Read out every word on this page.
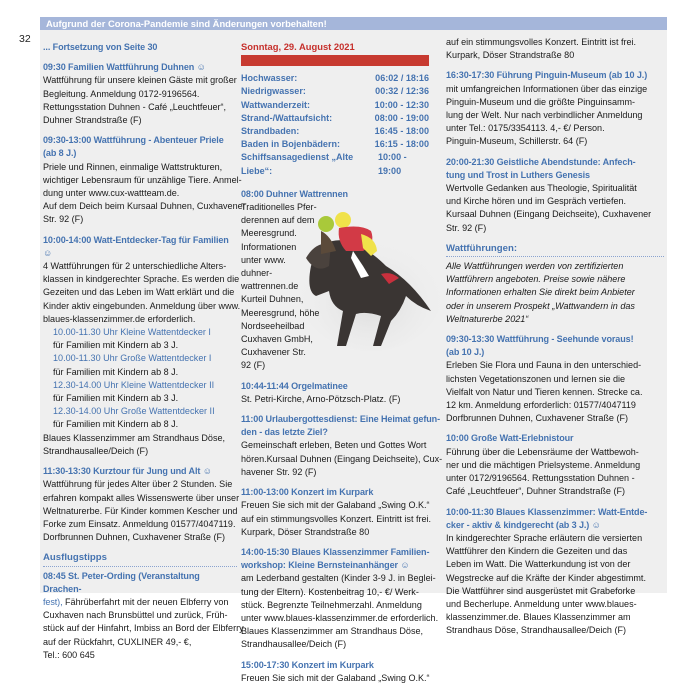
Aufgrund der Corona-Pandemie sind Änderungen vorbehalten!
32
... Fortsetzung von Seite 30
09:30 Familien Wattführung Duhnen ☺
Wattführung für unsere kleinen Gäste mit großer
Begleitung. Anmeldung 0172-9196564.
Rettungsstation Duhnen - Café „Leuchtfeuer“,
Duhner Strandstraße (F)
09:30-13:00 Wattführung - Abenteuer Priele
(ab 8 J.)
Priele und Rinnen, einmalige Wattstrukturen,
wichtiger Lebensraum für unzählige Tiere. Anmel-
dung unter www.cux-wattteam.de.
Auf dem Deich beim Kursaal Duhnen, Cuxhavener
Str. 92 (F)
10:00-14:00 Watt-Entdecker-Tag für Familien ☺
4 Wattführungen für 2 unterschiedliche Alters-
klassen in kindgerechter Sprache. Es werden die
Gezeiten und das Leben im Watt erklärt und die
Kinder aktiv eingebunden. Anmeldung über www.
blaues-klassenzimmer.de erforderlich.
10.00-11.30 Uhr Kleine Wattentdecker I
für Familien mit Kindern ab 3 J.
10.00-11.30 Uhr Große Wattentdecker I
für Familien mit Kindern ab 8 J.
12.30-14.00 Uhr Kleine Wattentdecker II
für Familien mit Kindern ab 3 J.
12.30-14.00 Uhr Große Wattentdecker II
für Familien mit Kindern ab 8 J.
Blaues Klassenzimmer am Strandhaus Döse,
Strandhausallee/Deich (F)
11:30-13:30 Kurztour für Jung und Alt ☺
Wattführung für jedes Alter über 2 Stunden. Sie
erfahren kompakt alles Wissenswerte über unser
Weltnaturerbe. Für Kinder kommen Kescher und
Forke zum Einsatz. Anmeldung 01577/4047119.
Dorfbrunnen Duhnen, Cuxhavener Straße (F)
Ausflugstipps
08:45 St. Peter-Ording (Veranstaltung Drachen-
fest), Fährüberfahrt mit der neuen Elbferry von
Cuxhaven nach Brunsbüttel und zurück, Früh-
stück auf der Hinfahrt, Imbiss an Bord der Elbferry
auf der Rückfahrt, CUXLINER 49,- €,
Tel.: 600 645
Sonntag, 29. August 2021
Hochwasser:	06:02 / 18:16
Niedrigwasser:	00:32 / 12:36
Wattwanderzeit:	10:00 - 12:30
Strand-/Wattaufsicht:	08:00 - 19:00
Strandbaden:	16:45 - 18:00
Baden in Bojenbädern:	16:15 - 18:00
Schiffsansagedienst „Alte Liebe“:
10:00 - 19:00
08:00 Duhner Wattrennen
Traditionelles Pfer-
derennen auf dem
Meeresgrund.
Informationen
unter www.
duhner-
wattrennen.de
Kurteil Duhnen,
Meeresgrund, höhe
Nordseeheilbad
Cuxhaven GmbH,
Cuxhavener Str.
92 (F)
10:44-11:44 Orgelmatinee
St. Petri-Kirche, Arno-Pötzsch-Platz. (F)
11:00 Urlaubergottesdienst: Eine Heimat gefun-
den - das letzte Ziel?
Gemeinschaft erleben, Beten und Gottes Wort
hören.Kursaal Duhnen (Eingang Deichseite), Cux-
havener Str. 92 (F)
11:00-13:00 Konzert im Kurpark
Freuen Sie sich mit der Galaband „Swing O.K.“
auf ein stimmungsvolles Konzert. Eintritt ist frei.
Kurpark, Döser Strandstraße 80
14:00-15:30 Blaues Klassenzimmer Familien-
workshop: Kleine Bernsteinanhänger ☺
am Lederband gestalten (Kinder 3-9 J. in Beglei-
tung der Eltern). Kostenbeitrag 10,- €/ Werk-
stück. Begrenzte Teilnehmerzahl. Anmeldung
unter www.blaues-klassenzimmer.de erforderlich.
Blaues Klassenzimmer am Strandhaus Döse,
Strandhausallee/Deich (F)
15:00-17:30 Konzert im Kurpark
Freuen Sie sich mit der Galaband „Swing O.K.“
auf ein stimmungsvolles Konzert. Eintritt ist frei.
Kurpark, Döser Strandstraße 80
16:30-17:30 Führung Pinguin-Museum (ab 10 J.)
mit umfangreichen Informationen über das einzige
Pinguin-Museum und die größte Pinguinsamm-
lung der Welt. Nur nach verbindlicher Anmeldung
unter Tel.: 0175/3354113. 4,- €/ Person.
Pinguin-Museum, Schillerstr. 64 (F)
20:00-21:30 Geistliche Abendstunde: Anfech-
tung und Trost in Luthers Genesis
Wertvolle Gedanken aus Theologie, Spiritualität
und Kirche hören und im Gespräch vertiefen.
Kursaal Duhnen (Eingang Deichseite), Cuxhavener
Str. 92 (F)
Wattführungen:
Alle Wattführungen werden von zertifizierten
Wattführern angeboten. Preise sowie nähere
Informationen erhalten Sie direkt beim Anbieter
oder in unserem Prospekt „Wattwandern in das
Weltnaturerbe 2021“
09:30-13:30 Wattführung - Seehunde voraus!
(ab 10 J.)
Erleben Sie Flora und Fauna in den unterschied-
lichsten Vegetationszonen und lernen sie die
Vielfalt von Natur und Tieren kennen. Strecke ca.
12 km. Anmeldung erforderlich: 01577/4047119
Dorfbrunnen Duhnen, Cuxhavener Straße (F)
10:00 Große Watt-Erlebnistour
Führung über die Lebensräume der Wattbewoh-
ner und die mächtigen Prielsysteme. Anmeldung
unter 0172/9196564. Rettungsstation Duhnen -
Café „Leuchtfeuer“, Duhner Strandstraße (F)
10:00-11:30 Blaues Klassenzimmer: Watt-Entde-
cker - aktiv & kindgerecht (ab 3 J.) ☺
In kindgerechter Sprache erläutern die versierten
Wattführer den Kindern die Gezeiten und das
Leben im Watt. Die Watterkundung ist von der
Wegstrecke auf die Kräfte der Kinder abgestimmt.
Die Wattführer sind ausgerüstet mit Grabeforke
und Becherlupe. Anmeldung unter www.blaues-
klassenzimmer.de. Blaues Klassenzimmer am
Strandhaus Döse, Strandhausallee/Deich (F)
